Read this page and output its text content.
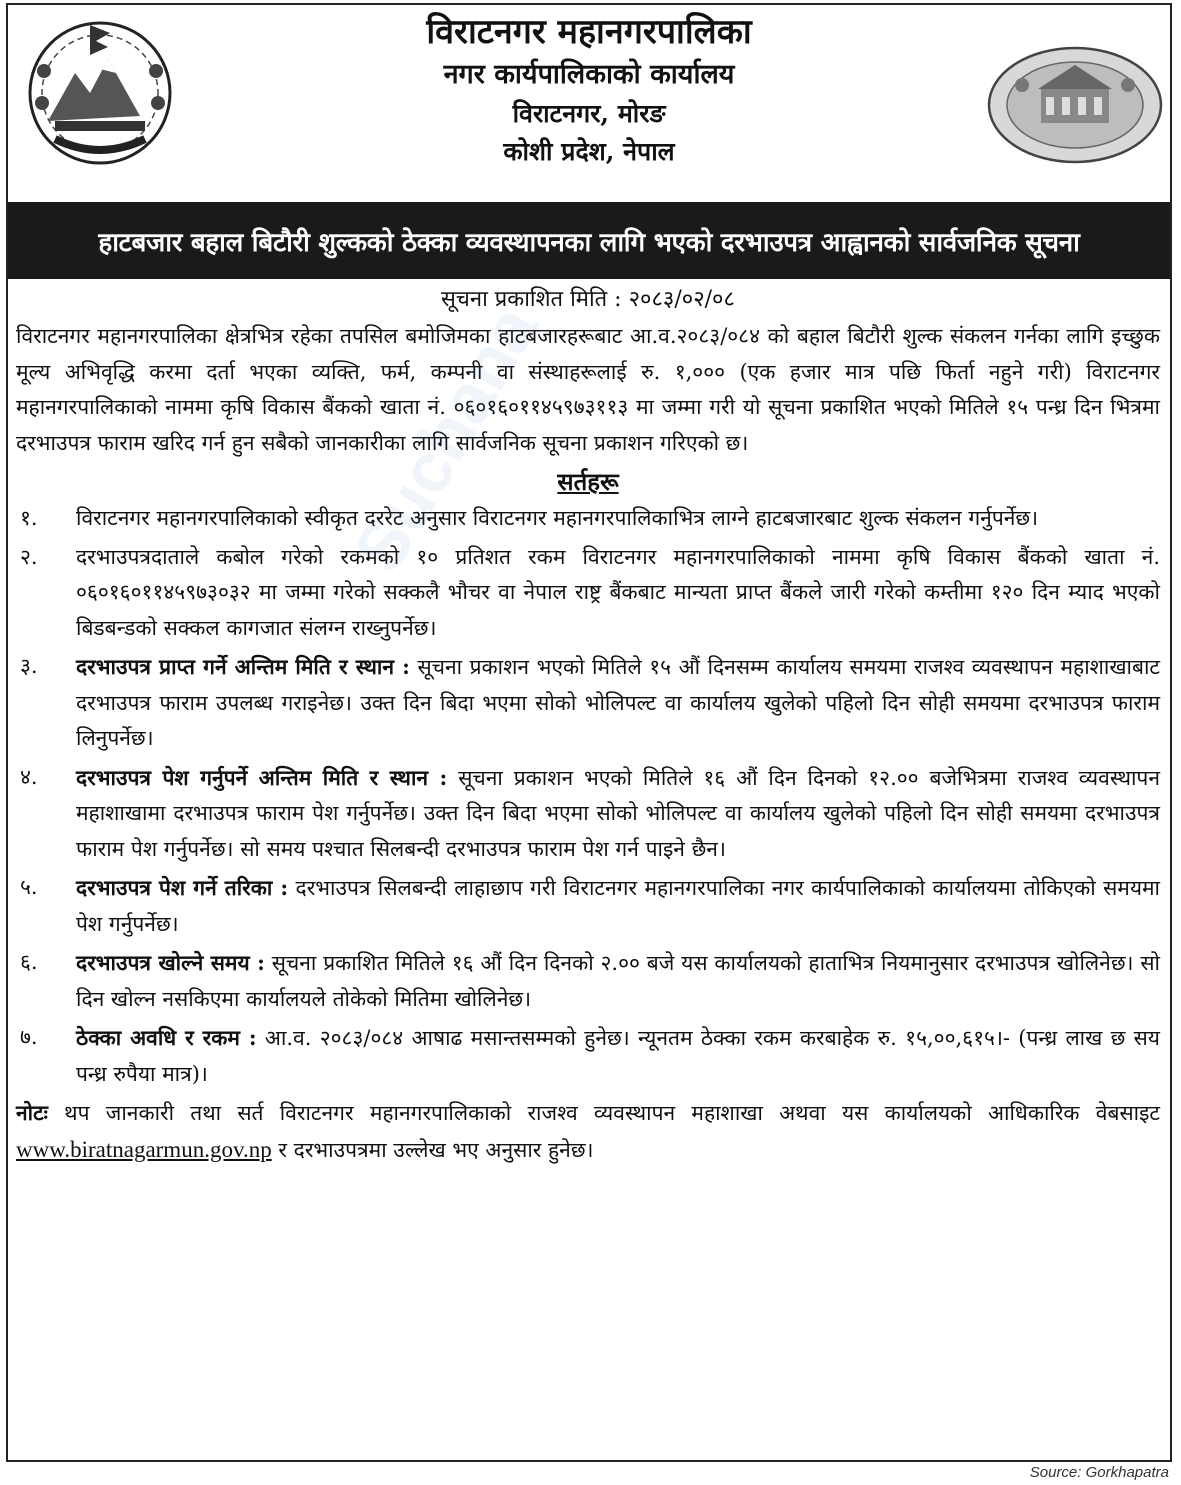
विराटनगर महानगरपालिका
नगर कार्यपालिकाको कार्यालय
विराटनगर, मोरङ
कोशी प्रदेश, नेपाल
हाटबजार बहाल बिटौरी शुल्कको ठेक्का व्यवस्थापनका लागि भएको दरभाउपत्र आह्वानको सार्वजनिक सूचना
सूचना प्रकाशित मिति : २०८३/०२/०८

विराटनगर महानगरपालिका क्षेत्रभित्र रहेका तपसिल बमोजिमका हाटबजारहरूबाट आ.व.२०८३/०८४ को बहाल बिटौरी शुल्क संकलन गर्नका लागि इच्छुक मूल्य अभिवृद्धि करमा दर्ता भएका व्यक्ति, फर्म, कम्पनी वा संस्थाहरूलाई रु. १,००० (एक हजार मात्र पछि फिर्ता नहुने गरी) विराटनगर महानगरपालिकाको नाममा कृषि विकास बैंकको खाता नं. ०६०१६०११४५९७३११३ मा जम्मा गरी यो सूचना प्रकाशित भएको मितिले १५ पन्ध्र दिन भित्रमा दरभाउपत्र फाराम खरिद गर्न हुन सबैको जानकारीका लागि सार्वजनिक सूचना प्रकाशन गरिएको छ।

सर्तहरू
१. विराटनगर महानगरपालिकाको स्वीकृत दररेट अनुसार विराटनगर महानगरपालिकाभित्र लाग्ने हाटबजारबाट शुल्क संकलन गर्नुपर्नेछ।
२. दरभाउपत्रदाताले कबोल गरेको रकमको १० प्रतिशत रकम विराटनगर महानगरपालिकाको नाममा कृषि विकास बैंकको खाता नं. ०६०१६०११४५९७३०३२ मा जम्मा गरेको सक्कलै भौचर वा नेपाल राष्ट्र बैंकबाट मान्यता प्राप्त बैंकले जारी गरेको कम्तीमा १२० दिन म्याद भएको बिडबन्डको सक्कल कागजात संलग्न राख्नुपर्नेछ।
३. दरभाउपत्र प्राप्त गर्ने अन्तिम मिति र स्थान : सूचना प्रकाशन भएको मितिले १५ औं दिनसम्म कार्यालय समयमा राजश्व व्यवस्थापन महाशाखाबाट दरभाउपत्र फाराम उपलब्ध गराइनेछ। उक्त दिन बिदा भएमा सोको भोलिपल्ट वा कार्यालय खुलेको पहिलो दिन सोही समयमा दरभाउपत्र फाराम लिनुपर्नेछ।
४. दरभाउपत्र पेश गर्नुपर्ने अन्तिम मिति र स्थान : सूचना प्रकाशन भएको मितिले १६ औं दिन दिनको १२.०० बजेभित्रमा राजश्व व्यवस्थापन महाशाखामा दरभाउपत्र फाराम पेश गर्नुपर्नेछ। उक्त दिन बिदा भएमा सोको भोलिपल्ट वा कार्यालय खुलेको पहिलो दिन सोही समयमा दरभाउपत्र फाराम पेश गर्नुपर्नेछ। सो समय पश्चात सिलबन्दी दरभाउपत्र फाराम पेश गर्न पाइने छैन।
५. दरभाउपत्र पेश गर्ने तरिका : दरभाउपत्र सिलबन्दी लाहाछाप गरी विराटनगर महानगरपालिका नगर कार्यपालिकाको कार्यालयमा तोकिएको समयमा पेश गर्नुपर्नेछ।
६. दरभाउपत्र खोल्ने समय : सूचना प्रकाशित मितिले १६ औं दिन दिनको २.०० बजे यस कार्यालयको हाताभित्र नियमानुसार दरभाउपत्र खोलिनेछ। सो दिन खोल्न नसकिएमा कार्यालयले तोकेको मितिमा खोलिनेछ।
७. ठेक्का अवधि र रकम : आ.व. २०८३/०८४ आषाढ मसान्तसम्मको हुनेछ। न्यूनतम ठेक्का रकम करबाहेक रु. १५,००,६१५।- (पन्ध्र लाख छ सय पन्ध्र रुपैया मात्र)।

नोटः थप जानकारी तथा सर्त विराटनगर महानगरपालिकाको राजश्व व्यवस्थापन महाशाखा अथवा यस कार्यालयको आधिकारिक वेबसाइट www.biratnagarmun.gov.np र दरभाउपत्रमा उल्लेख भए अनुसार हुनेछ।

Suchana
Source: Gorkhapatra
